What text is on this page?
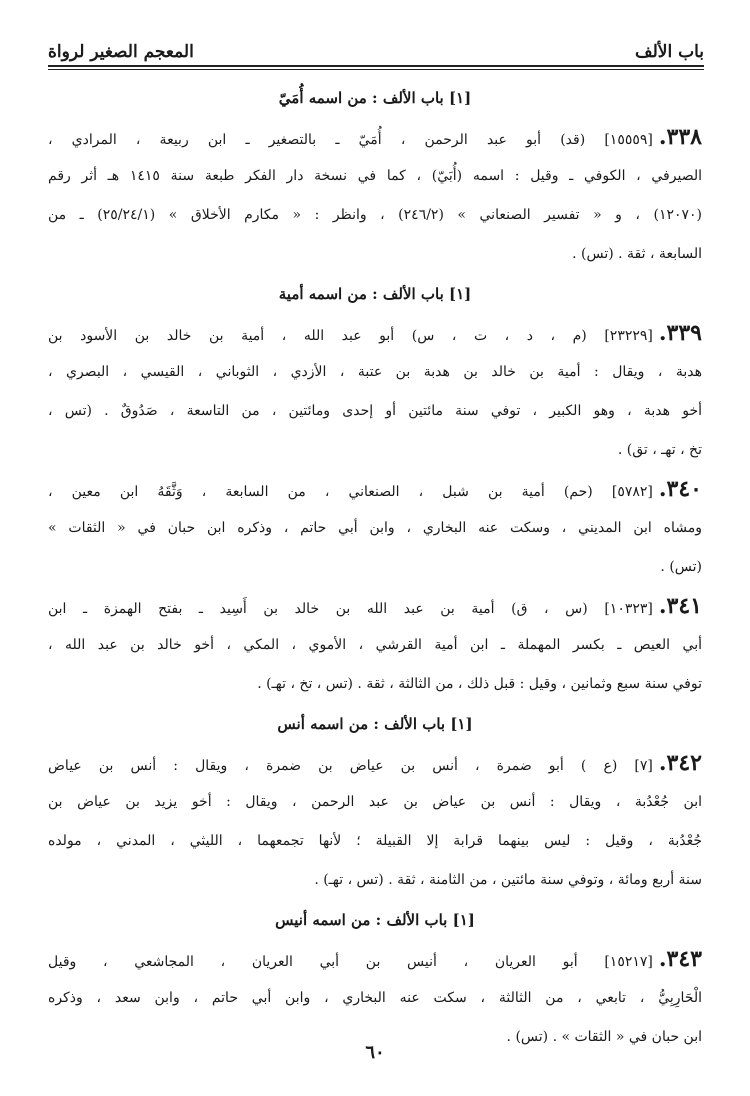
باب الألف
المعجم الصغير لرواة
[١] باب الألف : من اسمه أُمَيّ

٣٣٨.[١٥٥٥٩] (قد) أبو عبد الرحمن ، أُمَيّ ـ بالتصغير ـ ابن ربيعة ، المرادي ،

الصيرفي ، الكوفي ـ وقيل : اسمه (أُبَيّ) ، كما في نسخة دار الفكر طبعة سنة ١٤١٥ هـ أثر رقم

(١٢٠٧٠) ، و « تفسير الصنعاني » (٢٤٦/٢) ، وانظر : « مكارم الأخلاق » (٢٥/٢٤/١) ـ من

السابعة ، ثقة . (تس) .

[١] باب الألف : من اسمه أمية

٣٣٩.[٢٣٢٢٩] (م ، د ، ت ، س) أبو عبد الله ، أمية بن خالد بن الأسود بن

هدبة ، ويقال : أمية بن خالد بن هدبة بن عتبة ، الأزدي ، الثوباني ، القيسي ، البصري ،

أخو هدبة ، وهو الكبير ، توفي سنة مائتين أو إحدى ومائتين ، من التاسعة ، صَدُوقٌ . (تس ،

تخ ، تهـ ، تق) .

٣٤٠.[٥٧٨٢] (حم) أمية بن شبل ، الصنعاني ، من السابعة ، وَثَّقَهُ ابن معين ،

ومشاه ابن المديني ، وسكت عنه البخاري ، وابن أبي حاتم ، وذكره ابن حبان في « الثقات »

(تس) .

٣٤١.[١٠٣٢٣] (س ، ق) أمية بن عبد الله بن خالد بن أَسِيد ـ بفتح الهمزة ـ ابن

أبي العيص ـ بكسر المهملة ـ ابن أمية القرشي ، الأموي ، المكي ، أخو خالد بن عبد الله ،

توفي سنة سبع وثمانين ، وقيل : قبل ذلك ، من الثالثة ، ثقة . (تس ، تخ ، تهـ) .

[١] باب الألف : من اسمه أنس

٣٤٢.[٧] (ع ) أبو ضمرة ، أنس بن عياض بن ضمرة ، ويقال : أنس بن عياض

ابن جُعْدُبة ، ويقال : أنس بن عياض بن عبد الرحمن ، ويقال : أخو يزيد بن عياض بن

جُعْدُبة ، وقيل : ليس بينهما قرابة إلا القبيلة ؛ لأنها تجمعهما ، الليثي ، المدني ، مولده

سنة أربع ومائة ، وتوفي سنة مائتين ، من الثامنة ، ثقة . (تس ، تهـ) .

[١] باب الألف : من اسمه أنيس

٣٤٣.[١٥٢١٧] أبو العريان ، أنيس بن أبي العريان ، المجاشعي ، وقيل

الْحَارِبِيُّ ، تابعي ، من الثالثة ، سكت عنه البخاري ، وابن أبي حاتم ، وابن سعد ، وذكره

ابن حبان في « الثقات » . (تس) .

٦٠
